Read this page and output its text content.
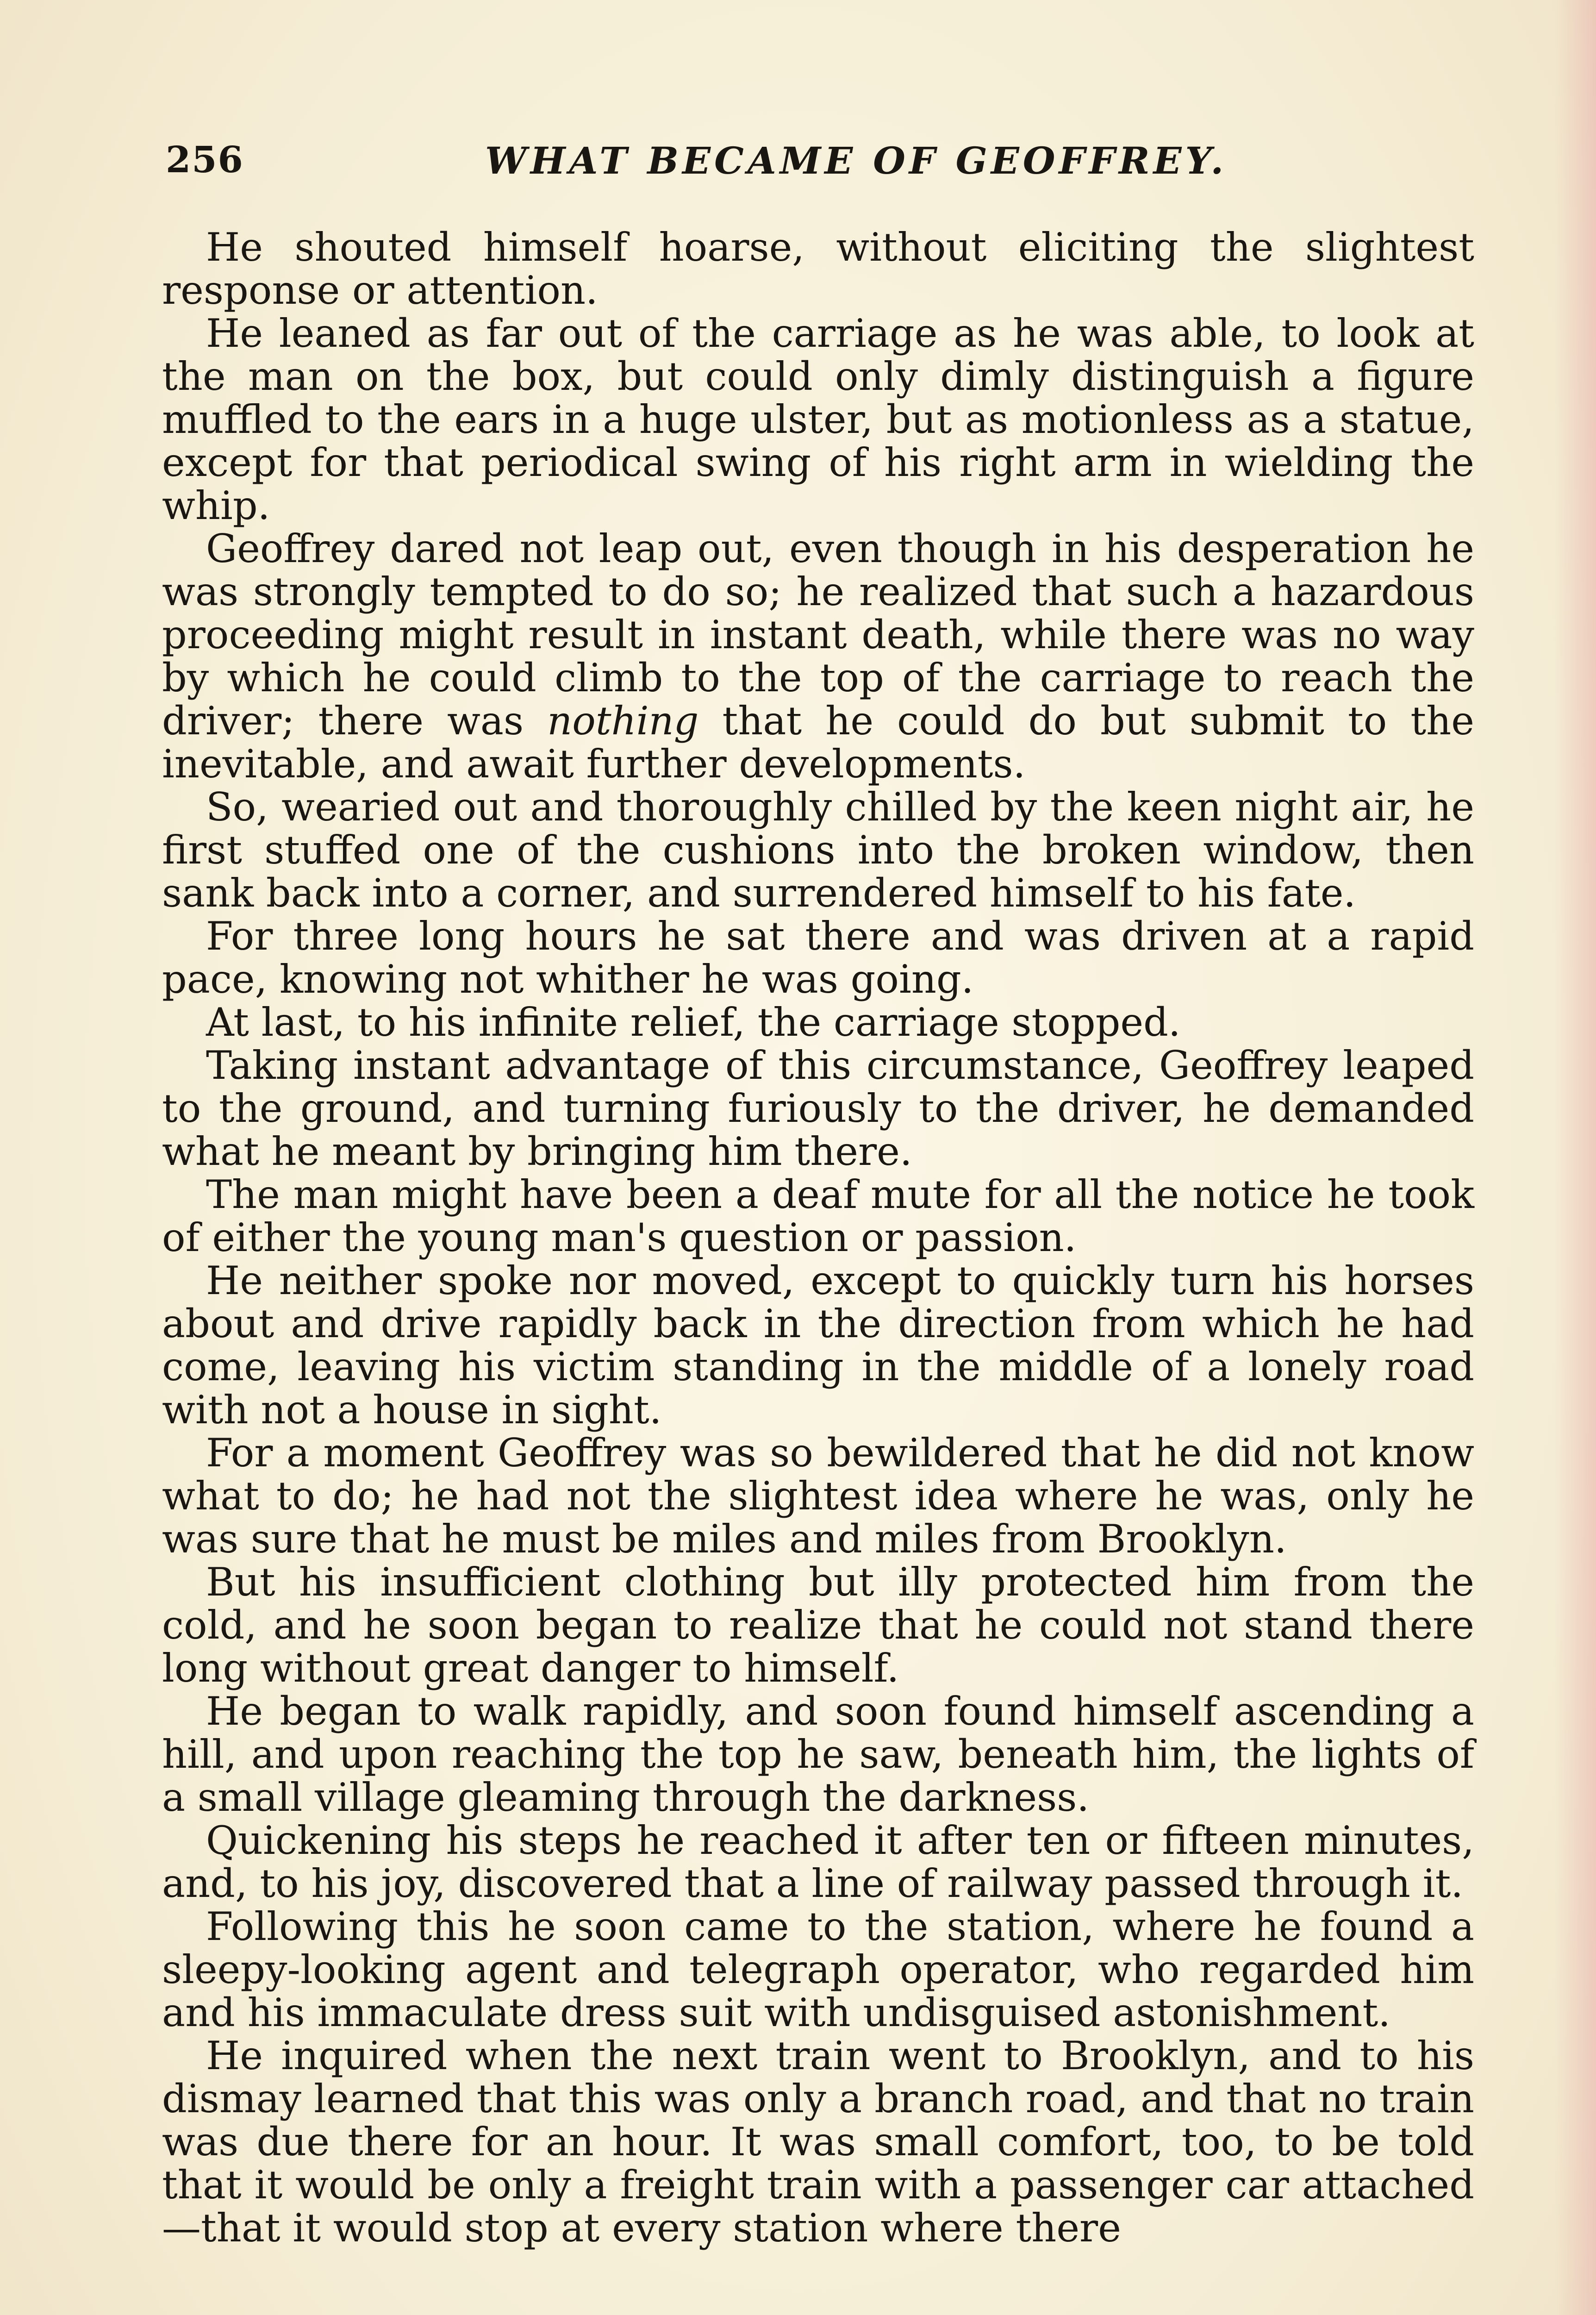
256	WHAT BECAME OF GEOFFREY.

He shouted himself hoarse, without eliciting the slightest response or attention.

He leaned as far out of the carriage as he was able, to look at the man on the box, but could only dimly distinguish a figure muffled to the ears in a huge ulster, but as motionless as a statue, except for that periodical swing of his right arm in wielding the whip.

Geoffrey dared not leap out, even though in his desperation he was strongly tempted to do so; he realized that such a hazardous proceeding might result in instant death, while there was no way by which he could climb to the top of the carriage to reach the driver; there was nothing that he could do but submit to the inevitable, and await further developments.

So, wearied out and thoroughly chilled by the keen night air, he first stuffed one of the cushions into the broken window, then sank back into a corner, and surrendered himself to his fate.

For three long hours he sat there and was driven at a rapid pace, knowing not whither he was going.

At last, to his infinite relief, the carriage stopped.

Taking instant advantage of this circumstance, Geoffrey leaped to the ground, and turning furiously to the driver, he demanded what he meant by bringing him there.

The man might have been a deaf mute for all the notice he took of either the young man's question or passion.

He neither spoke nor moved, except to quickly turn his horses about and drive rapidly back in the direction from which he had come, leaving his victim standing in the middle of a lonely road with not a house in sight.

For a moment Geoffrey was so bewildered that he did not know what to do; he had not the slightest idea where he was, only he was sure that he must be miles and miles from Brooklyn.

But his insufficient clothing but illy protected him from the cold, and he soon began to realize that he could not stand there long without great danger to himself.

He began to walk rapidly, and soon found himself ascending a hill, and upon reaching the top he saw, beneath him, the lights of a small village gleaming through the darkness.

Quickening his steps he reached it after ten or fifteen minutes, and, to his joy, discovered that a line of railway passed through it.

Following this he soon came to the station, where he found a sleepy-looking agent and telegraph operator, who regarded him and his immaculate dress suit with undisguised astonishment.

He inquired when the next train went to Brooklyn, and to his dismay learned that this was only a branch road, and that no train was due there for an hour. It was small comfort, too, to be told that it would be only a freight train with a passenger car attached—that it would stop at every station where there
